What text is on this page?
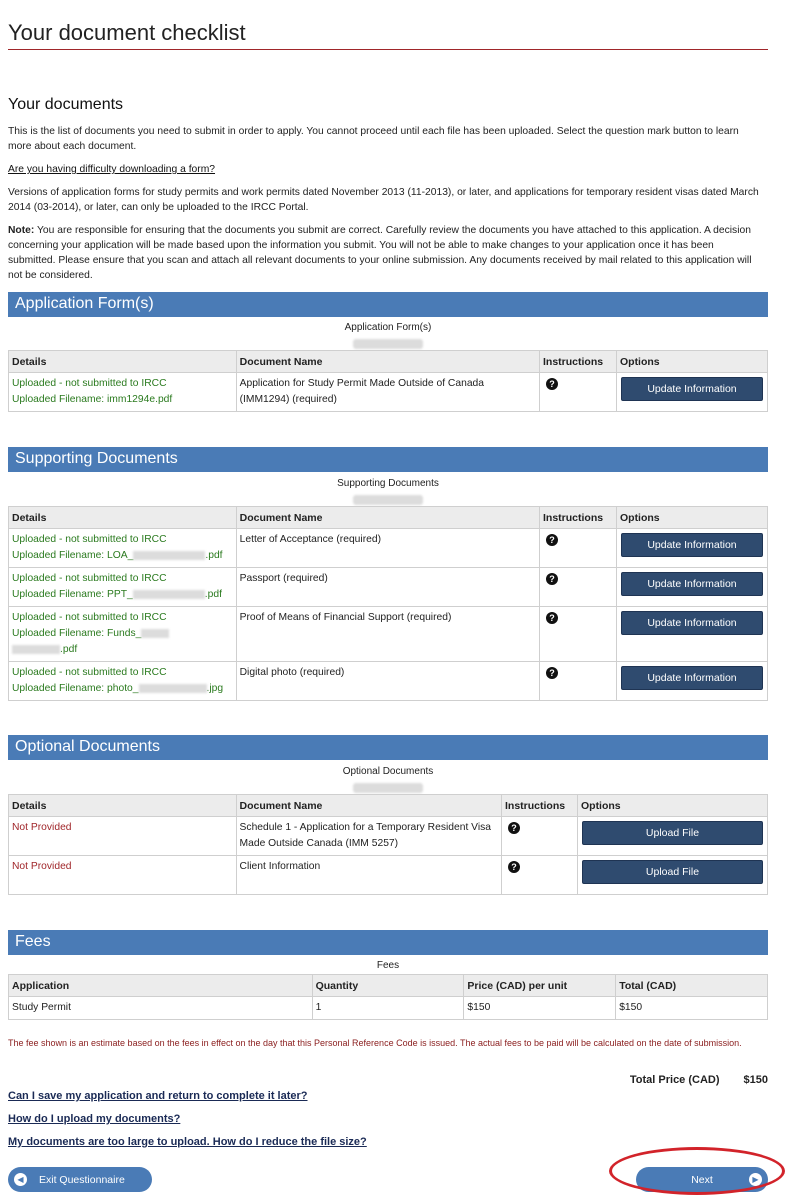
Your document checklist
Your documents
This is the list of documents you need to submit in order to apply. You cannot proceed until each file has been uploaded. Select the question mark button to learn more about each document.
Are you having difficulty downloading a form?
Versions of application forms for study permits and work permits dated November 2013 (11-2013), or later, and applications for temporary resident visas dated March 2014 (03-2014), or later, can only be uploaded to the IRCC Portal.
Note: You are responsible for ensuring that the documents you submit are correct. Carefully review the documents you have attached to this application. A decision concerning your application will be made based upon the information you submit. You will not be able to make changes to your application once it has been submitted. Please ensure that you scan and attach all relevant documents to your online submission. Any documents received by mail related to this application will not be considered.
Application Form(s)
Application Form(s)
Details	Document Name	Instructions	Options

Uploaded - not submitted to IRCC
Uploaded Filename: imm1294e.pdf	Application for Study Permit Made Outside of Canada (IMM1294) (required)	?	Update Information
Supporting Documents
Supporting Documents
Details	Document Name	Instructions	Options

Uploaded - not submitted to IRCC
Uploaded Filename: LOA_ .pdf	Letter of Acceptance (required)	?	Update Information

Uploaded - not submitted to IRCC
Uploaded Filename: PPT_ .pdf	Passport (required)	?	Update Information

Uploaded - not submitted to IRCC
Uploaded Filename: Funds_
.pdf	Proof of Means of Financial Support (required)	?	Update Information

Uploaded - not submitted to IRCC
Uploaded Filename: photo_ .jpg	Digital photo (required)	?	Update Information
Optional Documents
Optional Documents
Details	Document Name	Instructions	Options
Not Provided	Schedule 1 - Application for a Temporary Resident Visa Made Outside Canada (IMM 5257)	?	Upload File

Not Provided	Client Information	?	Upload File
Fees
Fees
Application	Quantity	Price (CAD) per unit	Total (CAD)
Study Permit	1	$150	$150
The fee shown is an estimate based on the fees in effect on the day that this Personal Reference Code is issued. The actual fees to be paid will be calculated on the date of submission.
Total Price (CAD) $150
Can I save my application and return to complete it later?
How do I upload my documents?
My documents are too large to upload. How do I reduce the file size?
◀	Exit Questionnaire	Next	▶
